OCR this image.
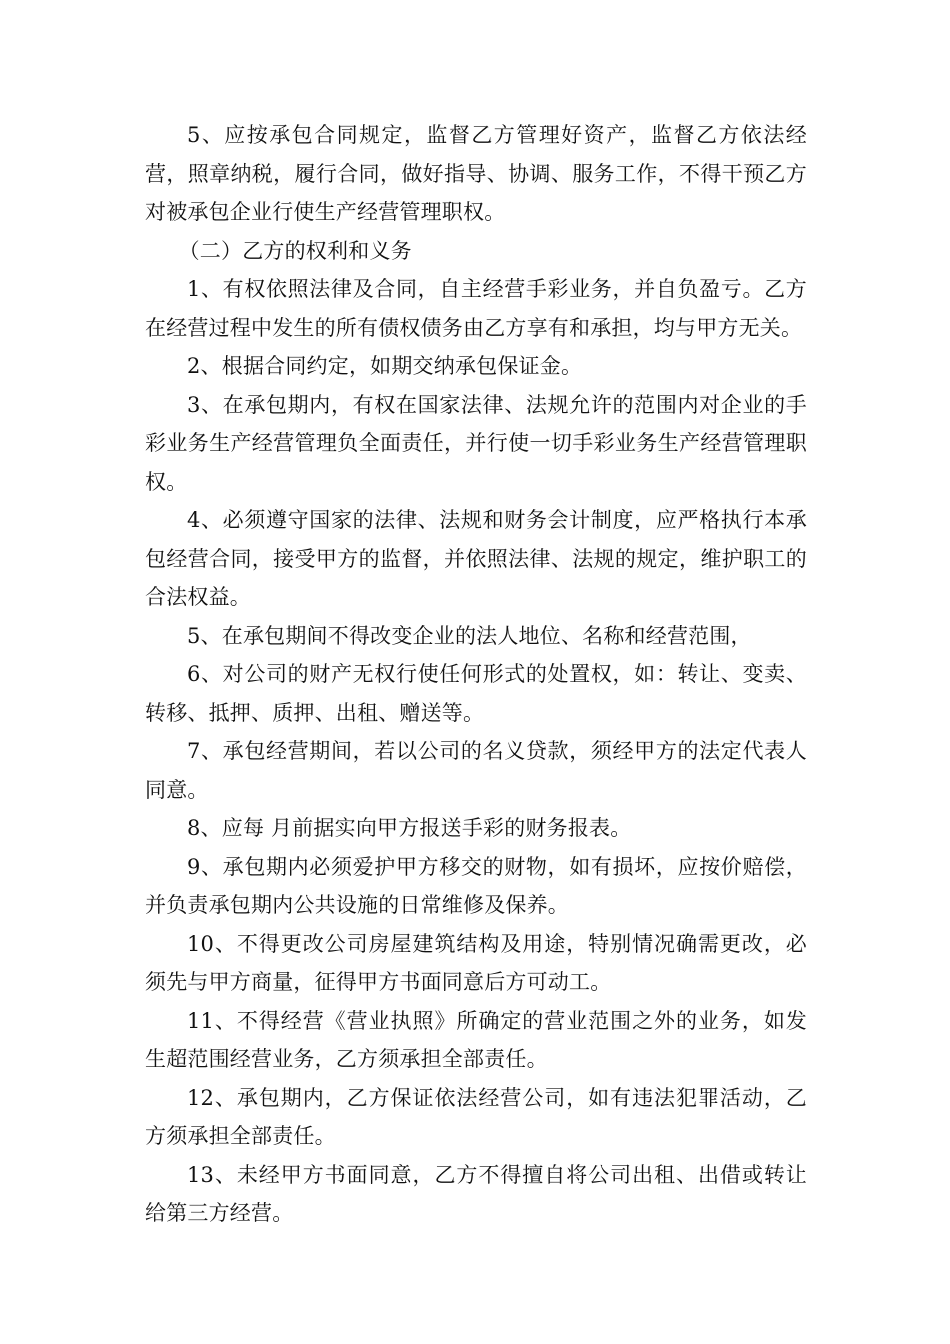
5、应按承包合同规定，监督乙方管理好资产，监督乙方依法经营，照章纳税，履行合同，做好指导、协调、服务工作，不得干预乙方对被承包企业行使生产经营管理职权。

（二）乙方的权利和义务

1、有权依照法律及合同，自主经营手彩业务，并自负盈亏。乙方在经营过程中发生的所有债权债务由乙方享有和承担，均与甲方无关。

2、根据合同约定，如期交纳承包保证金。

3、在承包期内，有权在国家法律、法规允许的范围内对企业的手彩业务生产经营管理负全面责任，并行使一切手彩业务生产经营管理职权。

4、必须遵守国家的法律、法规和财务会计制度，应严格执行本承包经营合同，接受甲方的监督，并依照法律、法规的规定，维护职工的合法权益。

5、在承包期间不得改变企业的法人地位、名称和经营范围，

6、对公司的财产无权行使任何形式的处置权，如：转让、变卖、转移、抵押、质押、出租、赠送等。

7、承包经营期间，若以公司的名义贷款，须经甲方的法定代表人同意。

8、应每 月前据实向甲方报送手彩的财务报表。

9、承包期内必须爱护甲方移交的财物，如有损坏，应按价赔偿，并负责承包期内公共设施的日常维修及保养。

10、不得更改公司房屋建筑结构及用途，特别情况确需更改，必须先与甲方商量，征得甲方书面同意后方可动工。

11、不得经营《营业执照》所确定的营业范围之外的业务，如发生超范围经营业务，乙方须承担全部责任。

12、承包期内，乙方保证依法经营公司，如有违法犯罪活动，乙方须承担全部责任。

13、未经甲方书面同意，乙方不得擅自将公司出租、出借或转让给第三方经营。
